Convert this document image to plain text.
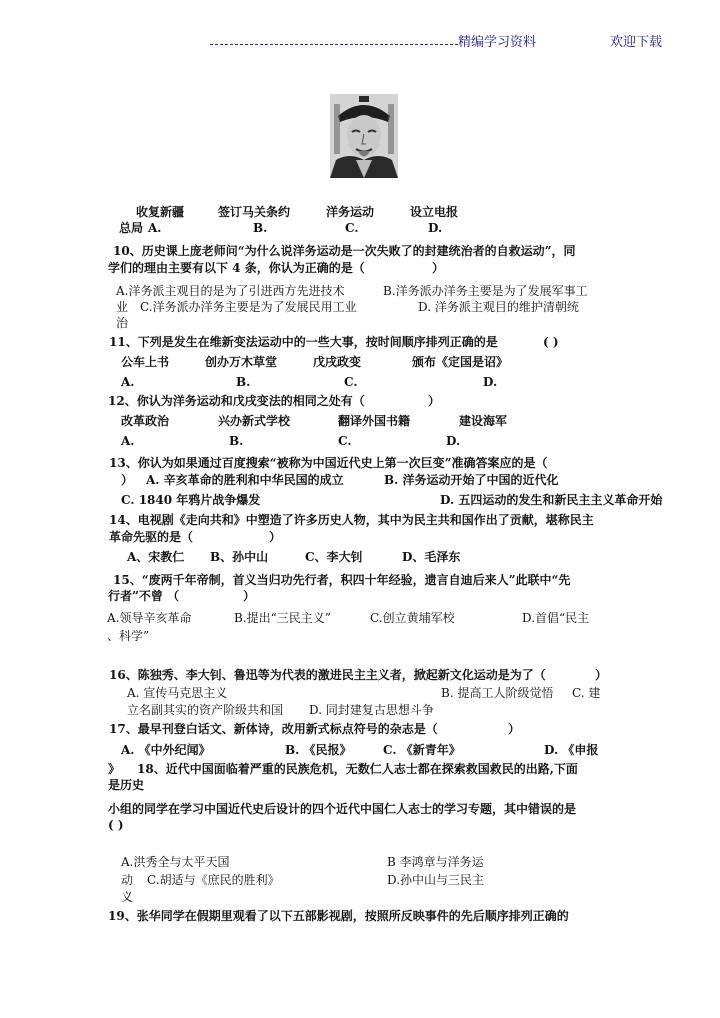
精编学习资料	欢迎下载
收复新疆	签订马关条约	洋务运动	设立电报
总局 A.	B.	C.	D.
10、历史课上庞老师问“为什么说洋务运动是一次失败了的封建统治者的自救运动”，同
学们的理由主要有以下 4 条，你认为正确的是（	）
A.洋务派主观目的是为了引进西方先进技术	B.洋务派办洋务主要是为了发展军事工
业 C.洋务派办洋务主要是为了发展民用工业	D. 洋务派主观目的维护清朝统
治
11、下列是发生在维新变法运动中的一些大事，按时间顺序排列正确的是	( )
公车上书	创办万木草堂	戊戌政变	颁布《定国是诏》
A.	B.	C.	D.
12、你认为洋务运动和戊戌变法的相同之处有（	）
改革政治	兴办新式学校	翻译外国书籍	建设海军
A.	B.	C.	D.
13、你认为如果通过百度搜索“被称为中国近代史上第一次巨变”准确答案应的是（
） A. 辛亥革命的胜利和中华民国的成立	B. 洋务运动开始了中国的近代化
C. 1840 年鸦片战争爆发	D. 五四运动的发生和新民主主义革命开始
14、电视剧《走向共和》中塑造了许多历史人物，其中为民主共和国作出了贡献，堪称民主
革命先驱的是（	）
A、宋教仁 B、孙中山	C、李大钊	D、毛泽东
15、“废两千年帝制，首义当归功先行者，积四十年经验，遗言自迪后来人”此联中“先
行者”不曾 （	）
A.领导辛亥革命	B.提出“三民主义”	C.创立黄埔军校	D.首倡“民主
、科学”
16、陈独秀、李大钊、鲁迅等为代表的激进民主主义者，掀起新文化运动是为了（	）
A. 宣传马克思主义	B. 提高工人阶级觉悟 C. 建
立名副其实的资产阶级共和国 D. 同封建复古思想斗争
17、最早刊登白话文、新体诗，改用新式标点符号的杂志是（	）
A. 《中外纪闻》	B. 《民报》	C. 《新青年》	D. 《申报
》 18、近代中国面临着严重的民族危机，无数仁人志士都在探索救国救民的出路,下面
是历史
小组的同学在学习中国近代史后设计的四个近代中国仁人志士的学习专题，其中错误的是
( )
A.洪秀全与太平天国	B 李鸿章与洋务运
动 C.胡适与《庶民的胜利》	D.孙中山与三民主
义
19、张华同学在假期里观看了以下五部影视剧，按照所反映事件的先后顺序排列正确的
